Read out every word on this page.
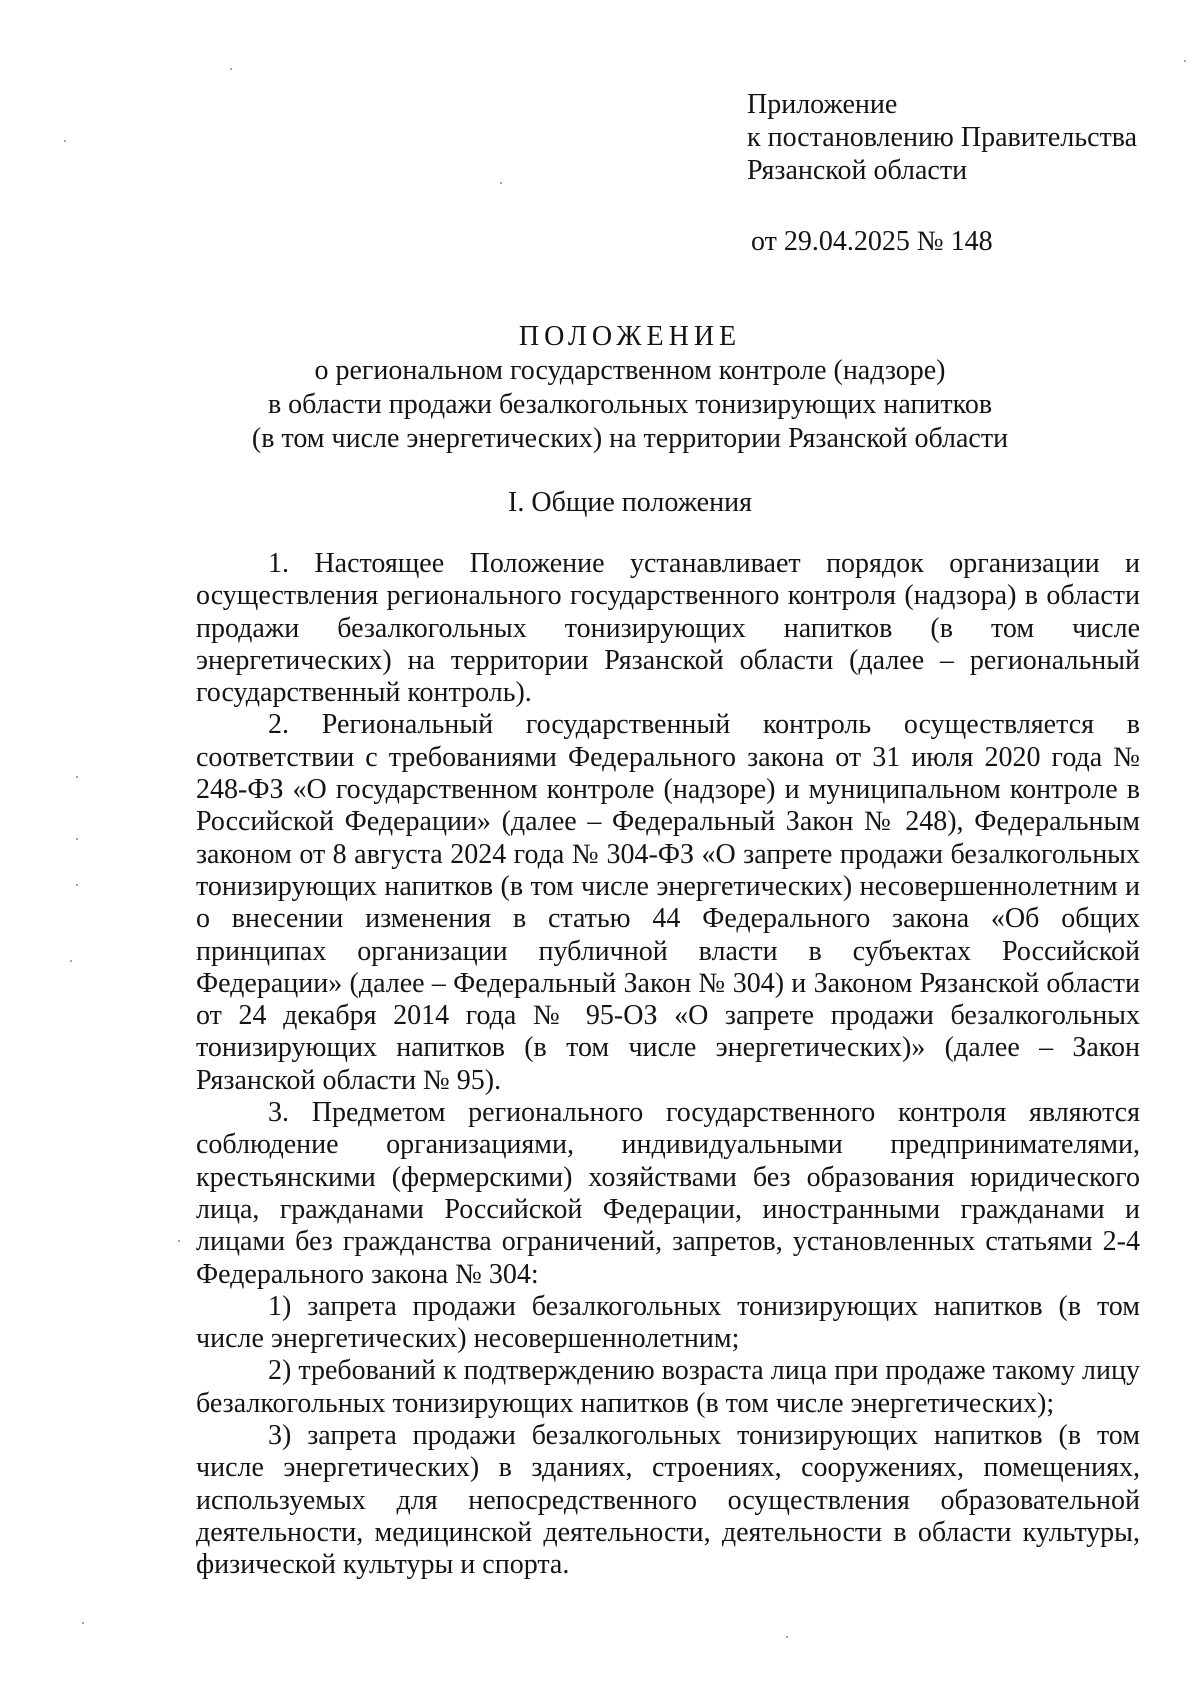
Приложение
к постановлению Правительства
Рязанской области
от 29.04.2025 № 148
ПОЛОЖЕНИЕ
о региональном государственном контроле (надзоре)
в области продажи безалкогольных тонизирующих напитков
(в том числе энергетических) на территории Рязанской области
I. Общие положения

1. Настоящее Положение устанавливает порядок организации и осуществления регионального государственного контроля (надзора) в области продажи безалкогольных тонизирующих напитков (в том числе энергетических) на территории Рязанской области (далее – региональный государственный контроль).

2. Региональный государственный контроль осуществляется в соответствии с требованиями Федерального закона от 31 июля 2020 года № 248-ФЗ «О государственном контроле (надзоре) и муниципальном контроле в Российской Федерации» (далее – Федеральный Закон № 248), Федеральным законом от 8 августа 2024 года № 304-ФЗ «О запрете продажи безалкогольных тонизирующих напитков (в том числе энергетических) несовершеннолетним и о внесении изменения в статью 44 Федерального закона «Об общих принципах организации публичной власти в субъектах Российской Федерации» (далее – Федеральный Закон № 304) и Законом Рязанской области от 24 декабря 2014 года № 95-ОЗ «О запрете продажи безалкогольных тонизирующих напитков (в том числе энергетических)» (далее – Закон Рязанской области № 95).

3. Предметом регионального государственного контроля являются соблюдение организациями, индивидуальными предпринимателями, крестьянскими (фермерскими) хозяйствами без образования юридического лица, гражданами Российской Федерации, иностранными гражданами и лицами без гражданства ограничений, запретов, установленных статьями 2-4 Федерального закона № 304:

1) запрета продажи безалкогольных тонизирующих напитков (в том числе энергетических) несовершеннолетним;

2) требований к подтверждению возраста лица при продаже такому лицу безалкогольных тонизирующих напитков (в том числе энергетических);

3) запрета продажи безалкогольных тонизирующих напитков (в том числе энергетических) в зданиях, строениях, сооружениях, помещениях, используемых для непосредственного осуществления образовательной деятельности, медицинской деятельности, деятельности в области культуры, физической культуры и спорта.
